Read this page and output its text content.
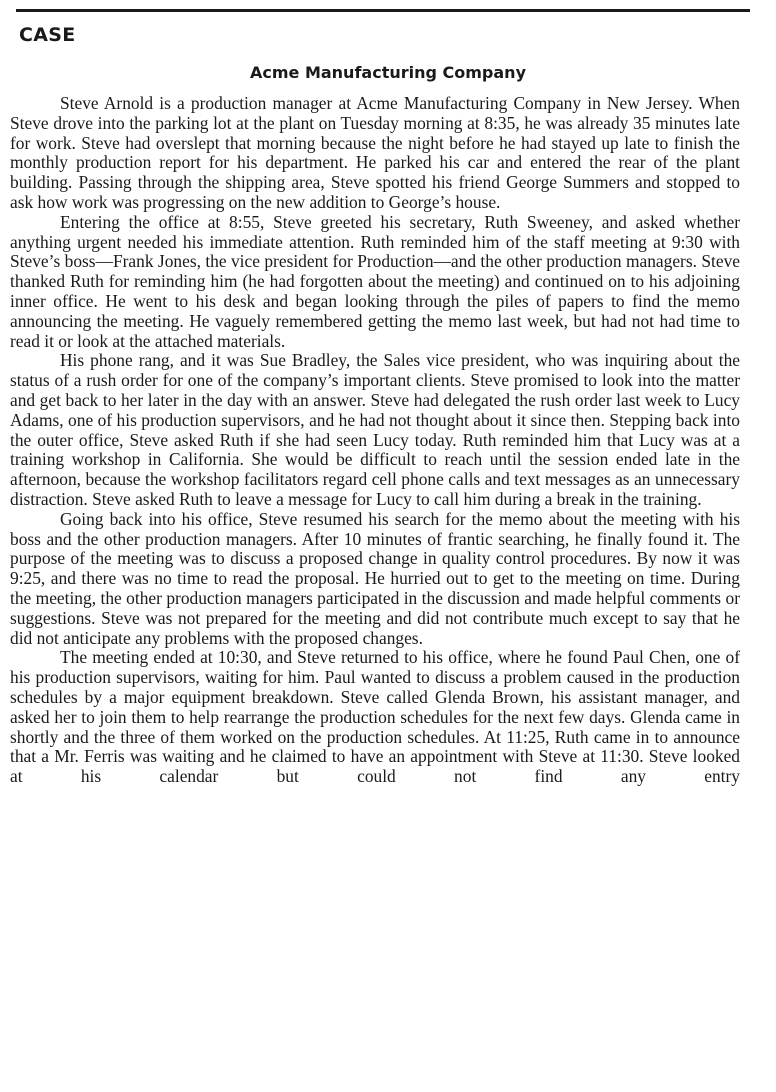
CASE
Acme Manufacturing Company

Steve Arnold is a production manager at Acme Manufacturing Company in New Jersey. When Steve drove into the parking lot at the plant on Tuesday morning at 8:35, he was already 35 minutes late for work. Steve had overslept that morning because the night before he had stayed up late to finish the monthly production report for his department. He parked his car and entered the rear of the plant building. Passing through the shipping area, Steve spotted his friend George Summers and stopped to ask how work was progressing on the new addition to George’s house.

Entering the office at 8:55, Steve greeted his secretary, Ruth Sweeney, and asked whether anything urgent needed his immediate attention. Ruth reminded him of the staff meeting at 9:30 with Steve’s boss—Frank Jones, the vice president for Production—and the other production managers. Steve thanked Ruth for reminding him (he had forgotten about the meeting) and continued on to his adjoining inner office. He went to his desk and began looking through the piles of papers to find the memo announcing the meeting. He vaguely remembered getting the memo last week, but had not had time to read it or look at the attached materials.

His phone rang, and it was Sue Bradley, the Sales vice president, who was inquiring about the status of a rush order for one of the company’s important clients. Steve promised to look into the matter and get back to her later in the day with an answer. Steve had delegated the rush order last week to Lucy Adams, one of his production supervisors, and he had not thought about it since then. Stepping back into the outer office, Steve asked Ruth if she had seen Lucy today. Ruth reminded him that Lucy was at a training workshop in California. She would be difficult to reach until the session ended late in the afternoon, because the workshop facilitators regard cell phone calls and text messages as an unnecessary distraction. Steve asked Ruth to leave a message for Lucy to call him during a break in the training.

Going back into his office, Steve resumed his search for the memo about the meeting with his boss and the other production managers. After 10 minutes of frantic searching, he finally found it. The purpose of the meeting was to discuss a proposed change in quality control procedures. By now it was 9:25, and there was no time to read the proposal. He hurried out to get to the meeting on time. During the meeting, the other production managers participated in the discussion and made helpful comments or suggestions. Steve was not prepared for the meeting and did not contribute much except to say that he did not anticipate any problems with the proposed changes.

The meeting ended at 10:30, and Steve returned to his office, where he found Paul Chen, one of his production supervisors, waiting for him. Paul wanted to discuss a problem caused in the production schedules by a major equipment breakdown. Steve called Glenda Brown, his assistant manager, and asked her to join them to help rearrange the production schedules for the next few days. Glenda came in shortly and the three of them worked on the production schedules. At 11:25, Ruth came in to announce that a Mr. Ferris was waiting and he claimed to have an appointment with Steve at 11:30. Steve looked at his calendar but could not find any entry
